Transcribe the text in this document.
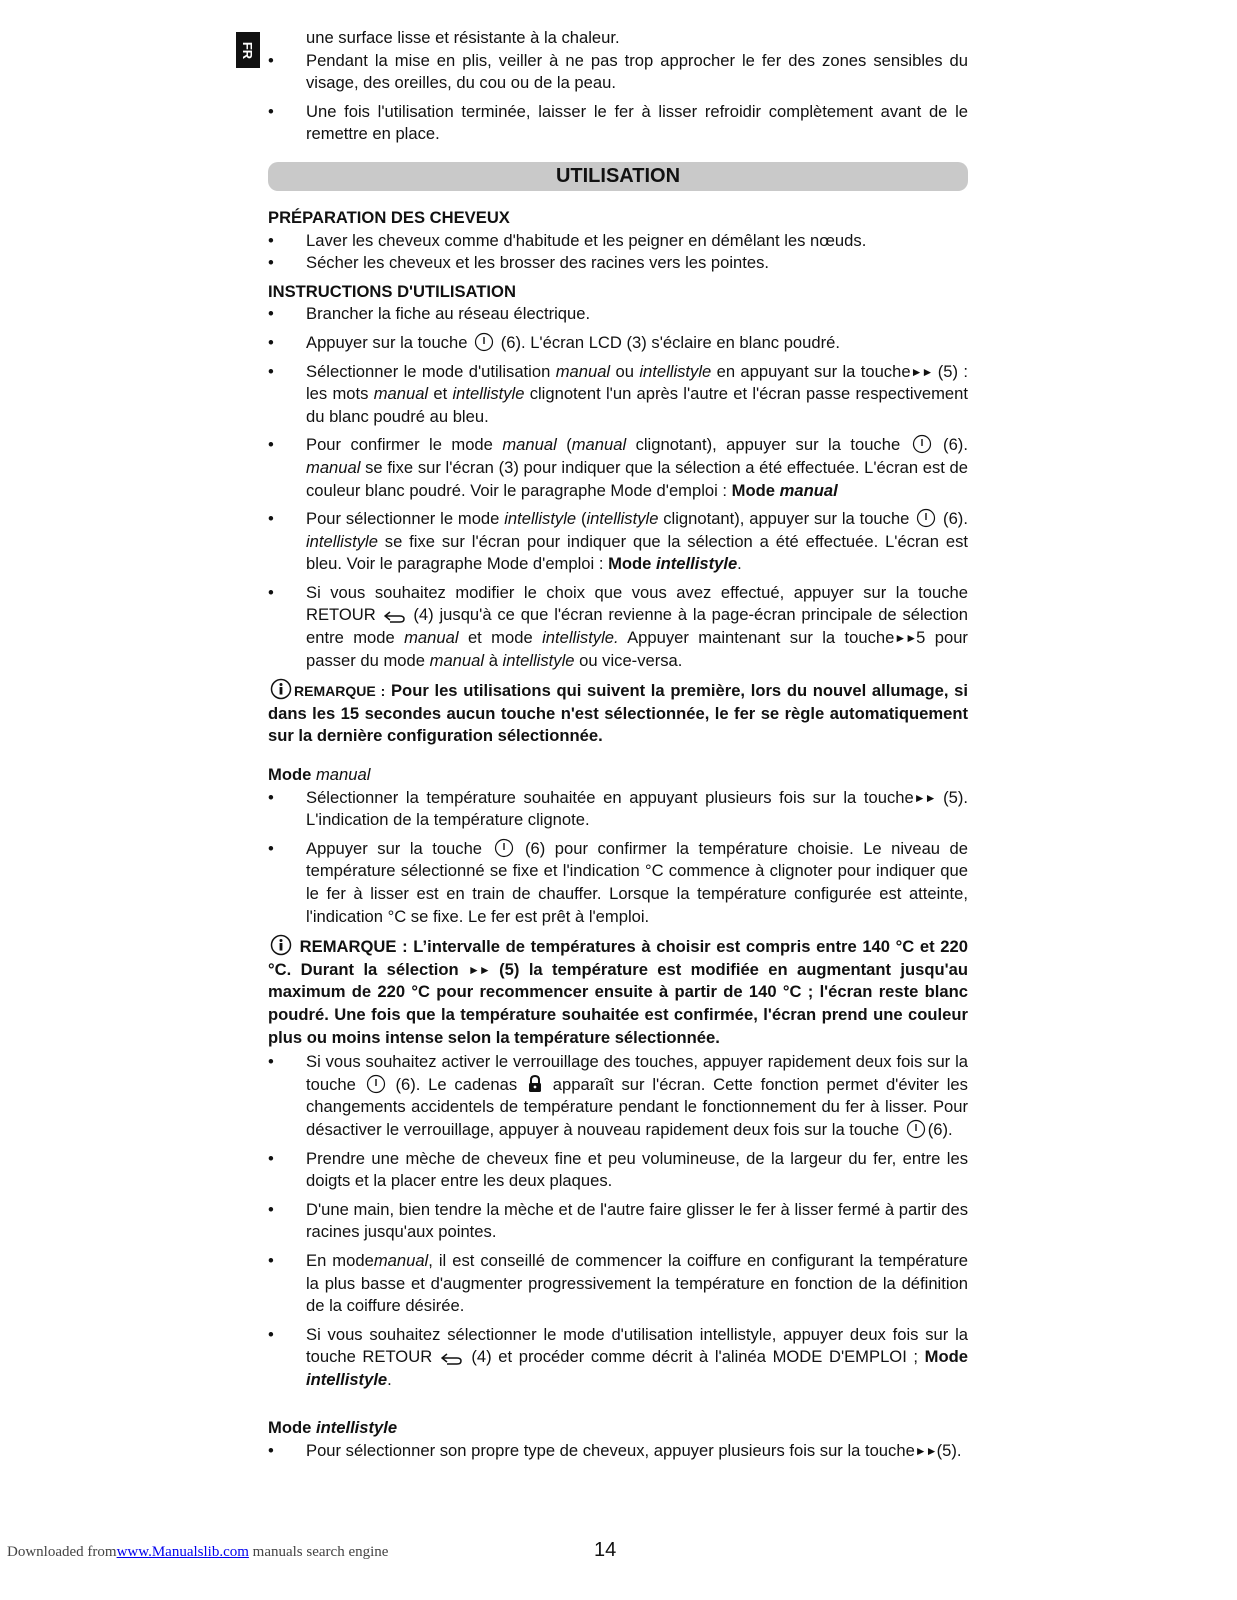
FR

une surface lisse et résistante à la chaleur.

• Pendant la mise en plis, veiller à ne pas trop approcher le fer des zones sensibles du visage, des oreilles, du cou ou de la peau.
• Une fois l'utilisation terminée, laisser le fer à lisser refroidir complètement avant de le remettre en place.
UTILISATION
PRÉPARATION DES CHEVEUX
• Laver les cheveux comme d'habitude et les peigner en démêlant les nœuds.
• Sécher les cheveux et les brosser des racines vers les pointes.
INSTRUCTIONS D'UTILISATION
• Brancher la fiche au réseau électrique.
• Appuyer sur la touche (6). L'écran LCD (3) s'éclaire en blanc poudré.
• Sélectionner le mode d'utilisation manual ou intellistyle en appuyant sur la touche►► (5) : les mots manual et intellistyle clignotent l'un après l'autre et l'écran passe respectivement du blanc poudré au bleu.
• Pour confirmer le mode manual (manual clignotant), appuyer sur la touche	(6). manual se fixe sur l'écran (3) pour indiquer que la sélection a été effectuée. L'écran est de couleur blanc poudré. Voir le paragraphe Mode d'emploi : Mode manual
• Pour sélectionner le mode intellistyle (intellistyle clignotant), appuyer sur la touche (6). intellistyle se fixe sur l'écran pour indiquer que la sélection a été effectuée. L'écran est bleu. Voir le paragraphe Mode d'emploi : Mode intellistyle.
• Si vous souhaitez modifier le choix que vous avez effectué, appuyer sur la touche RETOUR (4) jusqu'à ce que l'écran revienne à la page-écran principale de sélection entre mode manual et mode intellistyle. Appuyer maintenant sur la touche►►5 pour passer du mode manual à intellistyle ou vice-versa.

REMARQUE : Pour les utilisations qui suivent la première, lors du nouvel allumage, si dans les 15 secondes aucun touche n'est sélectionnée, le fer se règle automatiquement sur la dernière configuration sélectionnée.

Mode manual
• Sélectionner la température souhaitée en appuyant plusieurs fois sur la touche►► (5). L'indication de la température clignote.
• Appuyer sur la touche	(6) pour confirmer la température choisie. Le niveau de température sélectionné se fixe et l'indication °C commence à clignoter pour indiquer que le fer à lisser est en train de chauffer. Lorsque la température configurée est atteinte, l'indication °C se fixe. Le fer est prêt à l'emploi.

REMARQUE : L’intervalle de températures à choisir est compris entre 140 °C et 220 °C. Durant la sélection ►► (5) la température est modifiée en augmentant jusqu'au maximum de 220 °C pour recommencer ensuite à partir de 140 °C ; l'écran reste blanc poudré. Une fois que la température souhaitée est confirmée, l'écran prend une couleur plus ou moins intense selon la température sélectionnée.

• Si vous souhaitez activer le verrouillage des touches, appuyer rapidement deux fois sur la touche (6). Le cadenas apparaît sur l'écran. Cette fonction permet d'éviter les changements accidentels de température pendant le fonctionnement du fer à lisser. Pour désactiver le verrouillage, appuyer à nouveau rapidement deux fois sur la touche (6).
• Prendre une mèche de cheveux fine et peu volumineuse, de la largeur du fer, entre les doigts et la placer entre les deux plaques.
• D'une main, bien tendre la mèche et de l'autre faire glisser le fer à lisser fermé à partir des racines jusqu'aux pointes.
• En modemanual, il est conseillé de commencer la coiffure en configurant la température la plus basse et d'augmenter progressivement la température en fonction de la définition de la coiffure désirée.
• Si vous souhaitez sélectionner le mode d'utilisation intellistyle, appuyer deux fois sur la touche RETOUR (4) et procéder comme décrit à l'alinéa MODE D'EMPLOI ; Mode intellistyle.
Mode intellistyle
• Pour sélectionner son propre type de cheveux, appuyer plusieurs fois sur la touche►►(5).
Downloaded fromwww.Manualslib.com manuals search engine	14
